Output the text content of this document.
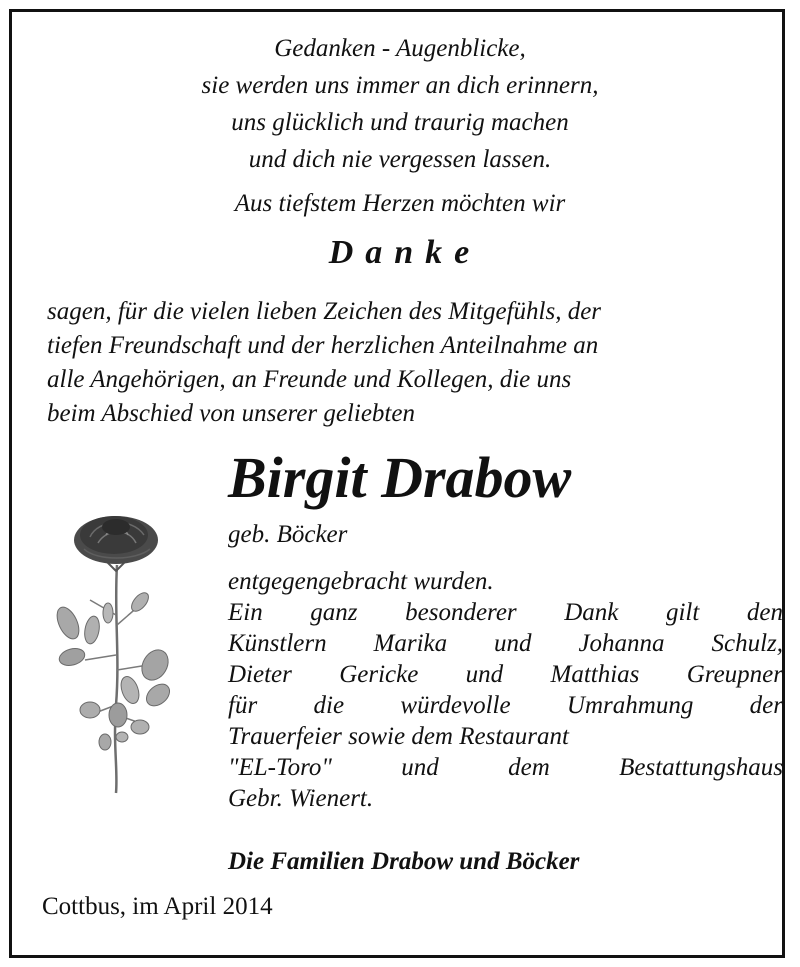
Gedanken - Augenblicke,
sie werden uns immer an dich erinnern,
uns glücklich und traurig machen
und dich nie vergessen lassen.
Aus tiefstem Herzen möchten wir
Danke
sagen, für die vielen lieben Zeichen des Mitgefühls, der
tiefen Freundschaft und der herzlichen Anteilnahme an
alle Angehörigen, an Freunde und Kollegen, die uns
beim Abschied von unserer geliebten
Birgit Drabow
geb. Böcker
entgegengebracht wurden.
Ein ganz besonderer Dank gilt den
Künstlern Marika und Johanna Schulz,
Dieter Gericke und Matthias Greupner
für die würdevolle Umrahmung der
Trauerfeier sowie dem Restaurant
"EL-Toro" und dem Bestattungshaus
Gebr. Wienert.
Die Familien Drabow und Böcker
Cottbus, im April 2014
